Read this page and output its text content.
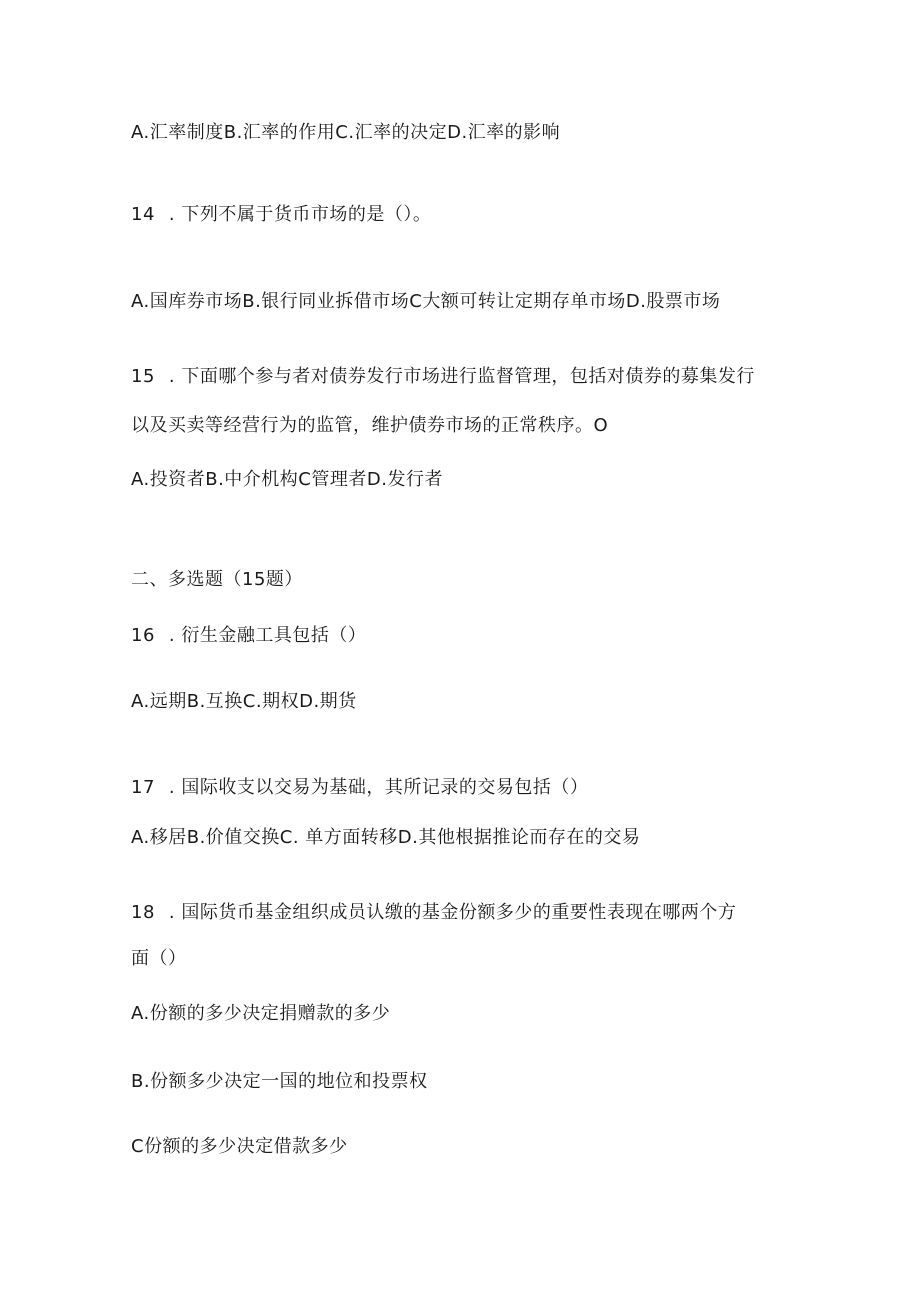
A.汇率制度B.汇率的作用C.汇率的决定D.汇率的影响
14 . 下列不属于货币市场的是（）。
A.国库券市场B.银行同业拆借市场C大额可转让定期存单市场D.股票市场
15 . 下面哪个参与者对债券发行市场进行监督管理，包括对债券的募集发行
以及买卖等经营行为的监管，维护债券市场的正常秩序。O
A.投资者B.中介机构C管理者D.发行者
二、多选题（15题）
16 . 衍生金融工具包括（）
A.远期B.互换C.期权D.期货
17 . 国际收支以交易为基础，其所记录的交易包括（）
A.移居B.价值交换C. 单方面转移D.其他根据推论而存在的交易
18 . 国际货币基金组织成员认缴的基金份额多少的重要性表现在哪两个方
面（）
A.份额的多少决定捐赠款的多少
B.份额多少决定一国的地位和投票权
C份额的多少决定借款多少
